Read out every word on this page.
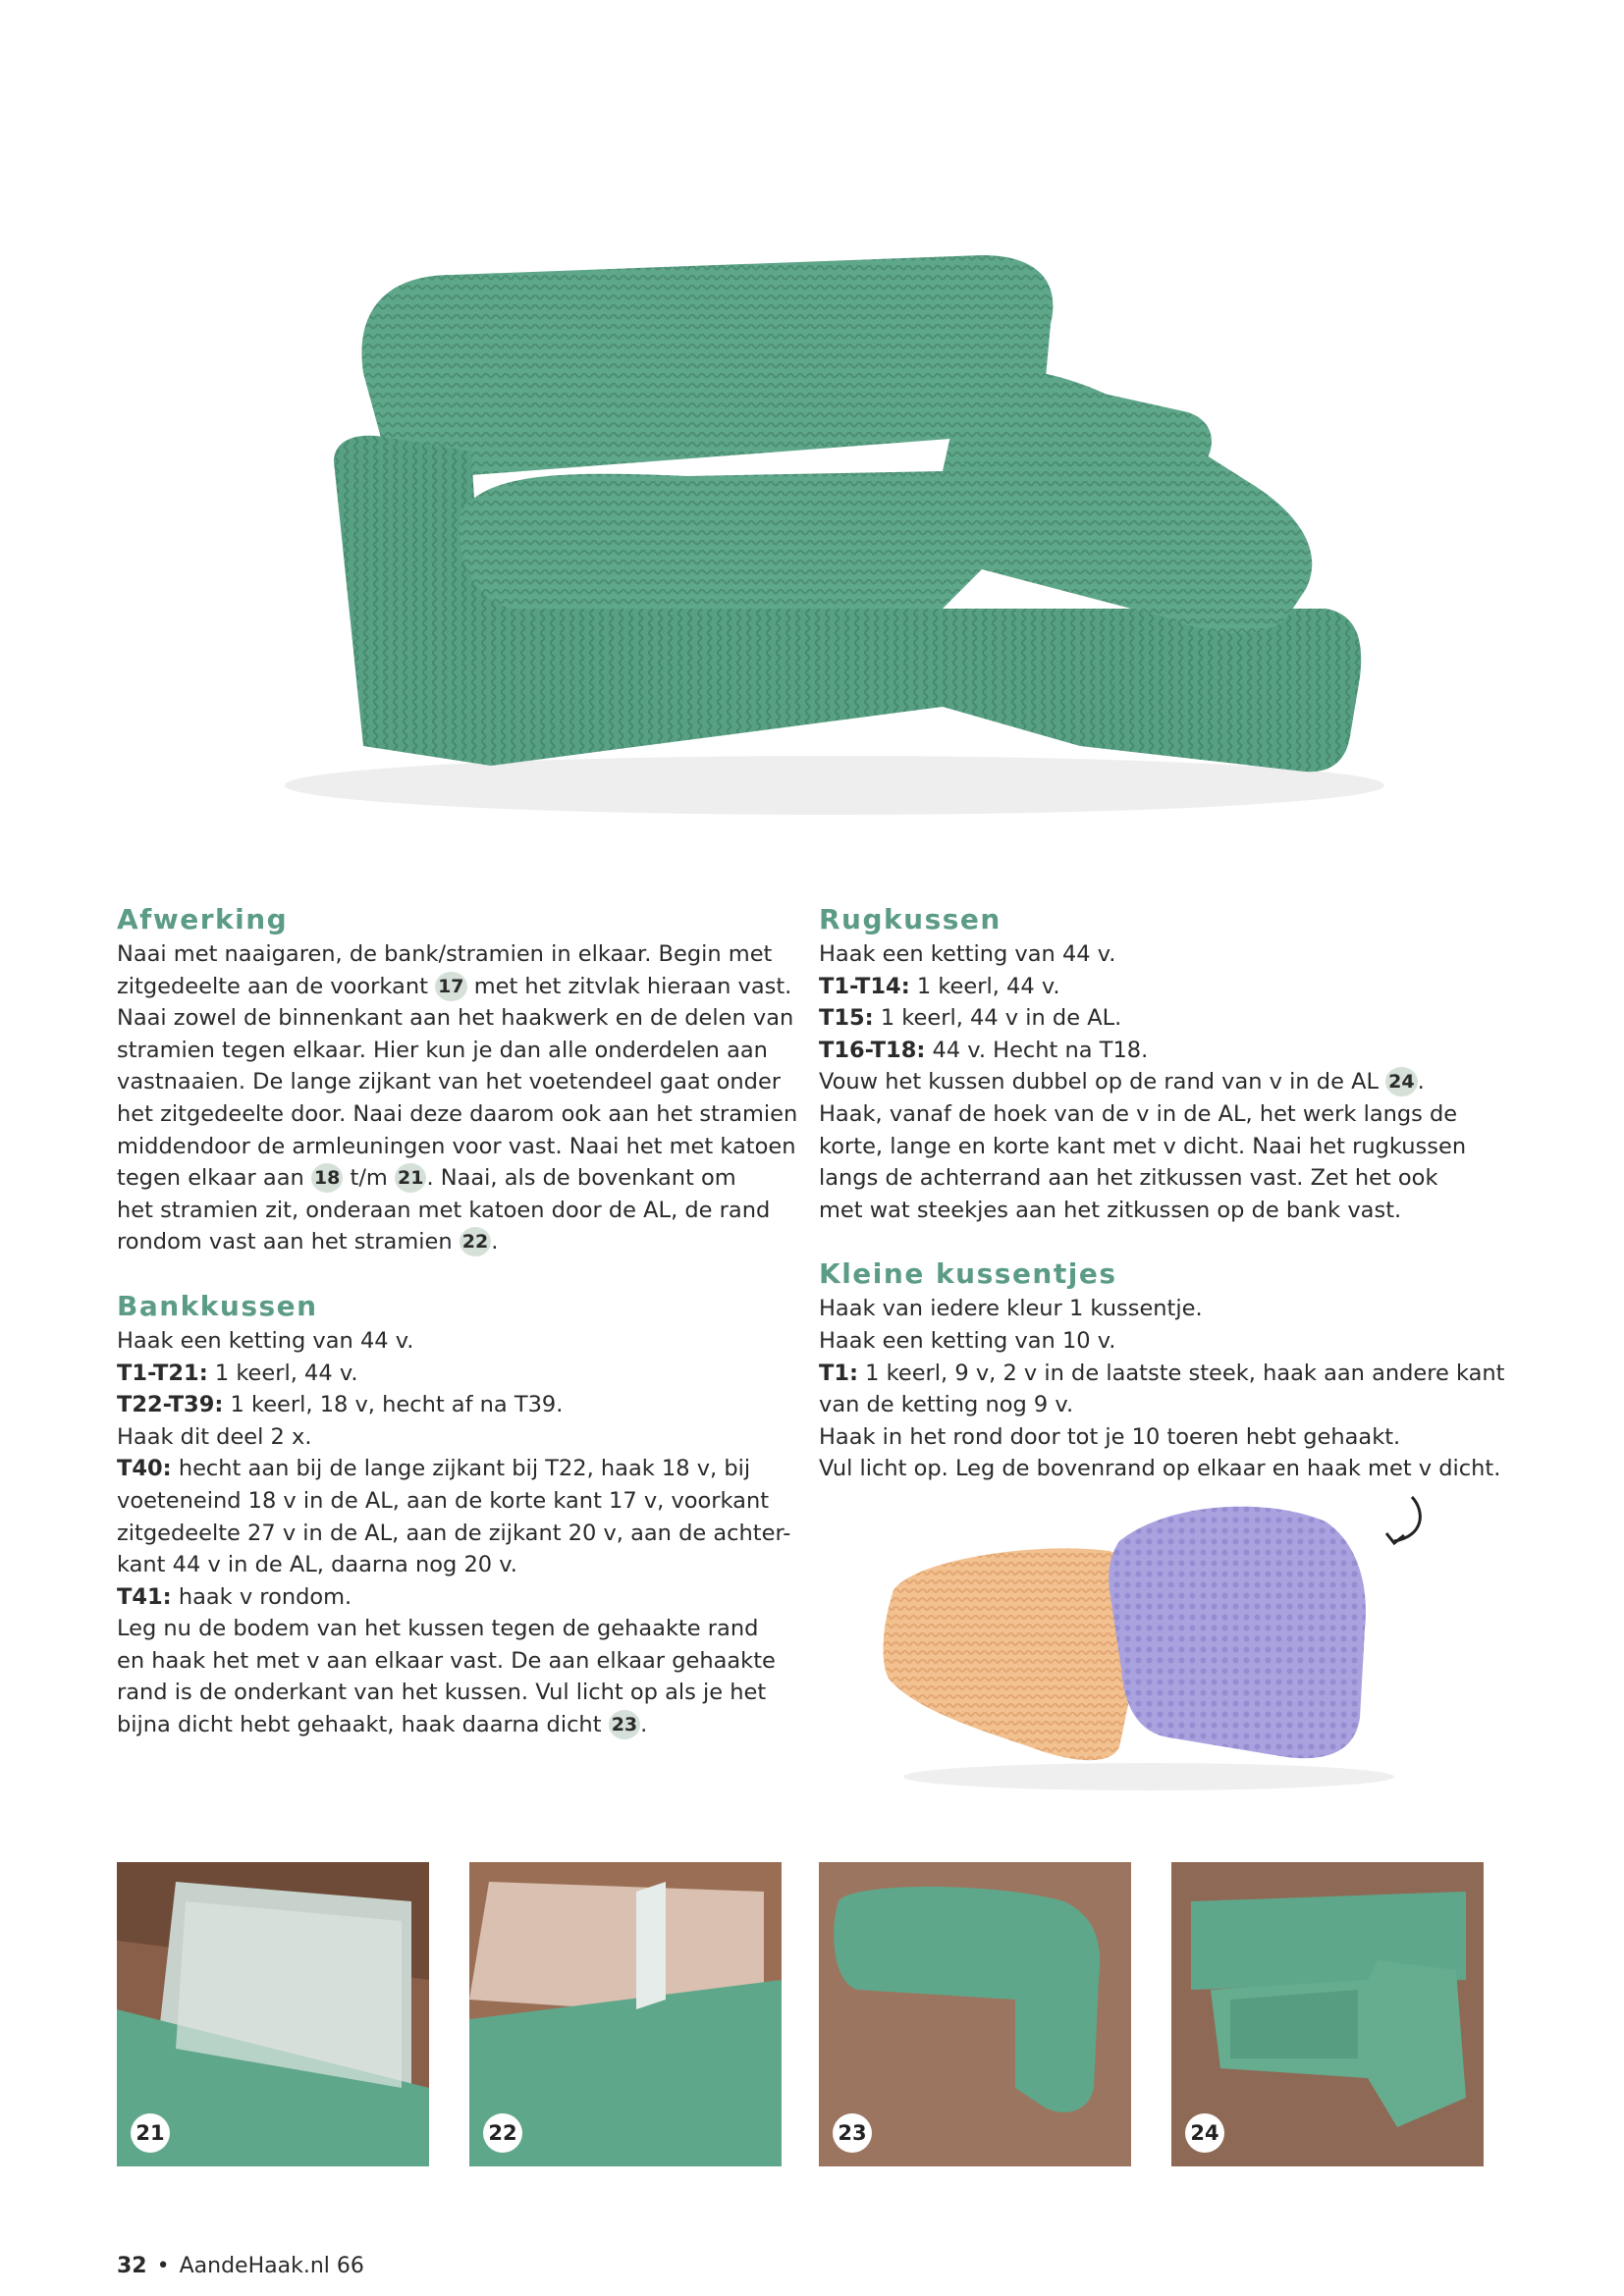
Afwerking

Naai met naaigaren, de bank/stramien in elkaar. Begin met

zitgedeelte aan de voorkant 17 met het zitvlak hieraan vast.

Naai zowel de binnenkant aan het haakwerk en de delen van

stramien tegen elkaar. Hier kun je dan alle onderdelen aan

vastnaaien. De lange zijkant van het voetendeel gaat onder

het zitgedeelte door. Naai deze daarom ook aan het stramien

middendoor de armleuningen voor vast. Naai het met katoen

tegen elkaar aan 18 t/m 21 . Naai, als de bovenkant om

het stramien zit, onderaan met katoen door de AL, de rand

rondom vast aan het stramien 22 .

Bankkussen

Haak een ketting van 44 v.

T1-T21: 1 keerl, 44 v.

T22-T39: 1 keerl, 18 v, hecht af na T39.

Haak dit deel 2 x.

T40: hecht aan bij de lange zijkant bij T22, haak 18 v, bij

voeteneind 18 v in de AL, aan de korte kant 17 v, voorkant

zitgedeelte 27 v in de AL, aan de zijkant 20 v, aan de achter-

kant 44 v in de AL, daarna nog 20 v.

T41: haak v rondom.

Leg nu de bodem van het kussen tegen de gehaakte rand

en haak het met v aan elkaar vast. De aan elkaar gehaakte

rand is de onderkant van het kussen. Vul licht op als je het

bijna dicht hebt gehaakt, haak daarna dicht 23 .

Rugkussen

Haak een ketting van 44 v.

T1-T14: 1 keerl, 44 v.

T15: 1 keerl, 44 v in de AL.

T16-T18: 44 v. Hecht na T18.

Vouw het kussen dubbel op de rand van v in de AL 24 .

Haak, vanaf de hoek van de v in de AL, het werk langs de

korte, lange en korte kant met v dicht. Naai het rugkussen

langs de achterrand aan het zitkussen vast. Zet het ook

met wat steekjes aan het zitkussen op de bank vast.

Kleine kussentjes

Haak van iedere kleur 1 kussentje.

Haak een ketting van 10 v.

T1: 1 keerl, 9 v, 2 v in de laatste steek, haak aan andere kant

van de ketting nog 9 v.

Haak in het rond door tot je 10 toeren hebt gehaakt.

Vul licht op. Leg de bovenrand op elkaar en haak met v dicht.

21	22	23	24
32 • AandeHaak.nl 66
